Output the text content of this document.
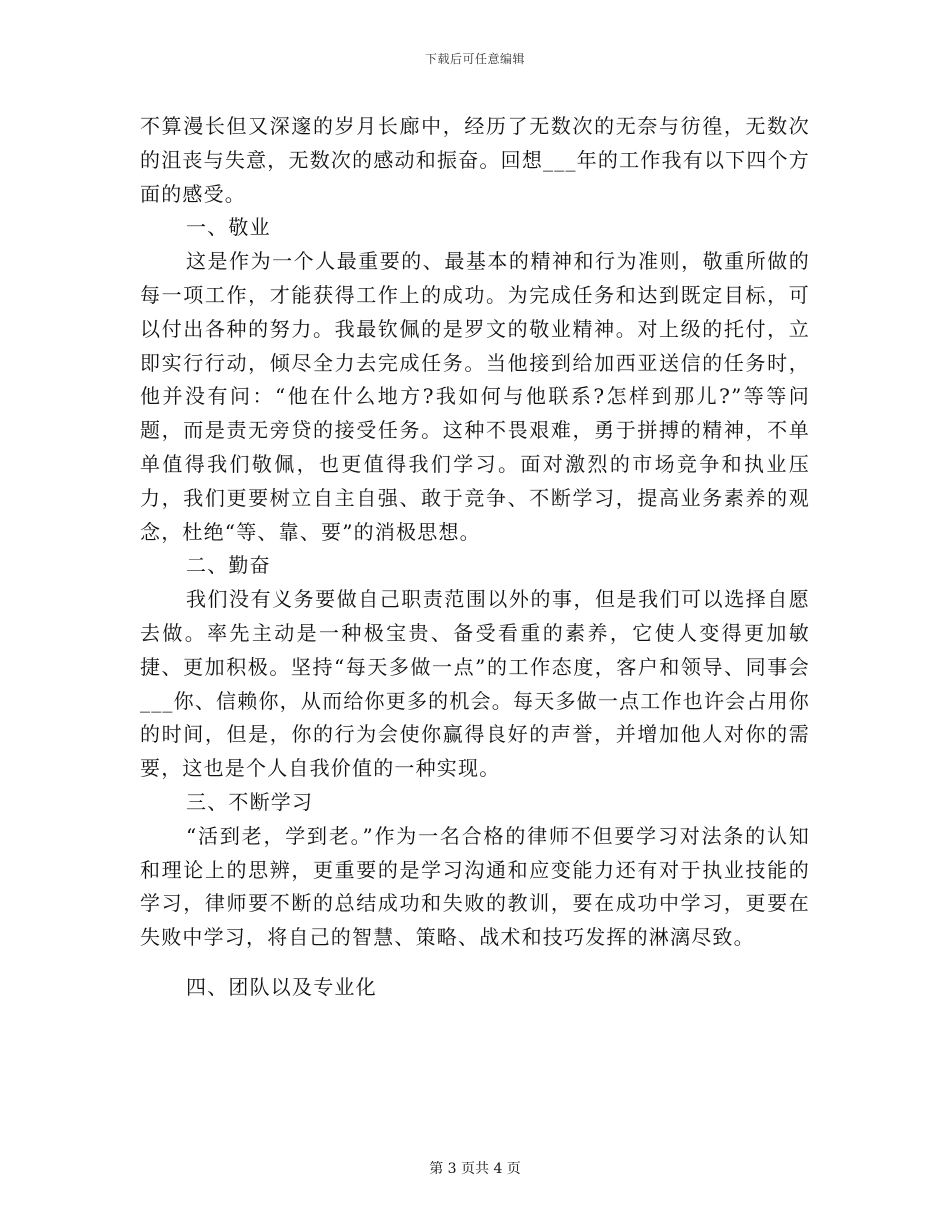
下载后可任意编辑

不算漫长但又深邃的岁月长廊中，经历了无数次的无奈与彷徨，无数次的沮丧与失意，无数次的感动和振奋。回想___年的工作我有以下四个方面的感受。

一、敬业

这是作为一个人最重要的、最基本的精神和行为准则，敬重所做的每一项工作，才能获得工作上的成功。为完成任务和达到既定目标，可以付出各种的努力。我最钦佩的是罗文的敬业精神。对上级的托付，立即实行行动，倾尽全力去完成任务。当他接到给加西亚送信的任务时，他并没有问：“他在什么地方?我如何与他联系?怎样到那儿?”等等问题，而是责无旁贷的接受任务。这种不畏艰难，勇于拼搏的精神，不单单值得我们敬佩，也更值得我们学习。面对激烈的市场竞争和执业压力，我们更要树立自主自强、敢于竞争、不断学习，提高业务素养的观念，杜绝“等、靠、要”的消极思想。

二、勤奋

我们没有义务要做自己职责范围以外的事，但是我们可以选择自愿去做。率先主动是一种极宝贵、备受看重的素养，它使人变得更加敏捷、更加积极。坚持“每天多做一点”的工作态度，客户和领导、同事会___你、信赖你，从而给你更多的机会。每天多做一点工作也许会占用你的时间，但是，你的行为会使你赢得良好的声誉，并增加他人对你的需要，这也是个人自我价值的一种实现。

三、不断学习

“活到老，学到老。”作为一名合格的律师不但要学习对法条的认知和理论上的思辨，更重要的是学习沟通和应变能力还有对于执业技能的学习，律师要不断的总结成功和失败的教训，要在成功中学习，更要在失败中学习，将自己的智慧、策略、战术和技巧发挥的淋漓尽致。

四、团队以及专业化

第 3 页共 4 页
